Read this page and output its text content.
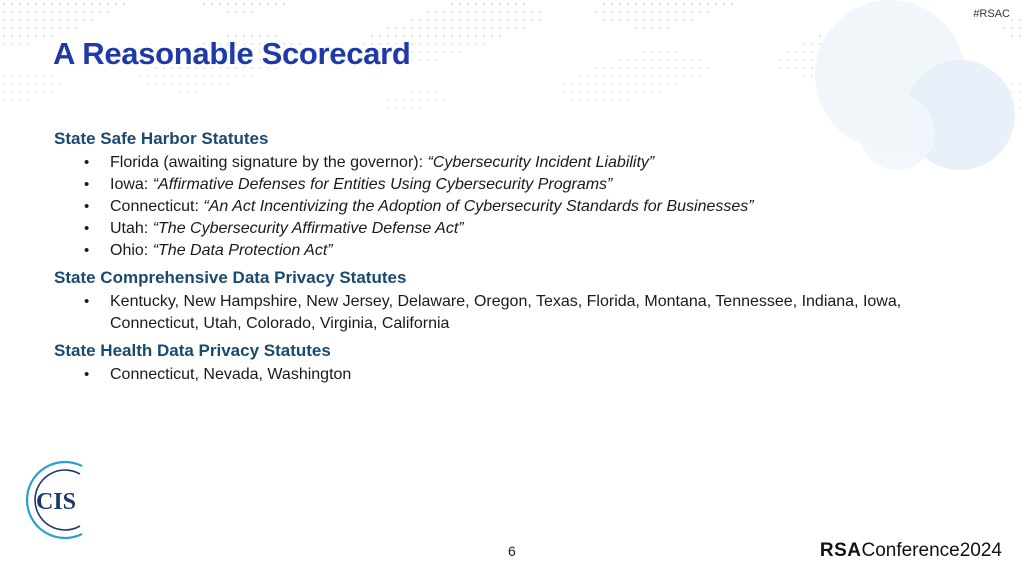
#RSAC
A Reasonable Scorecard
State Safe Harbor Statutes
• Florida (awaiting signature by the governor): “Cybersecurity Incident Liability”
• Iowa: “Affirmative Defenses for Entities Using Cybersecurity Programs”
• Connecticut: “An Act Incentivizing the Adoption of Cybersecurity Standards for Businesses”
• Utah: “The Cybersecurity Affirmative Defense Act”
• Ohio: “The Data Protection Act”
State Comprehensive Data Privacy Statutes
• Kentucky, New Hampshire, New Jersey, Delaware, Oregon, Texas, Florida, Montana, Tennessee, Indiana, Iowa, Connecticut, Utah, Colorado, Virginia, California
State Health Data Privacy Statutes
• Connecticut, Nevada, Washington
CIS
6	RSAConference2024
